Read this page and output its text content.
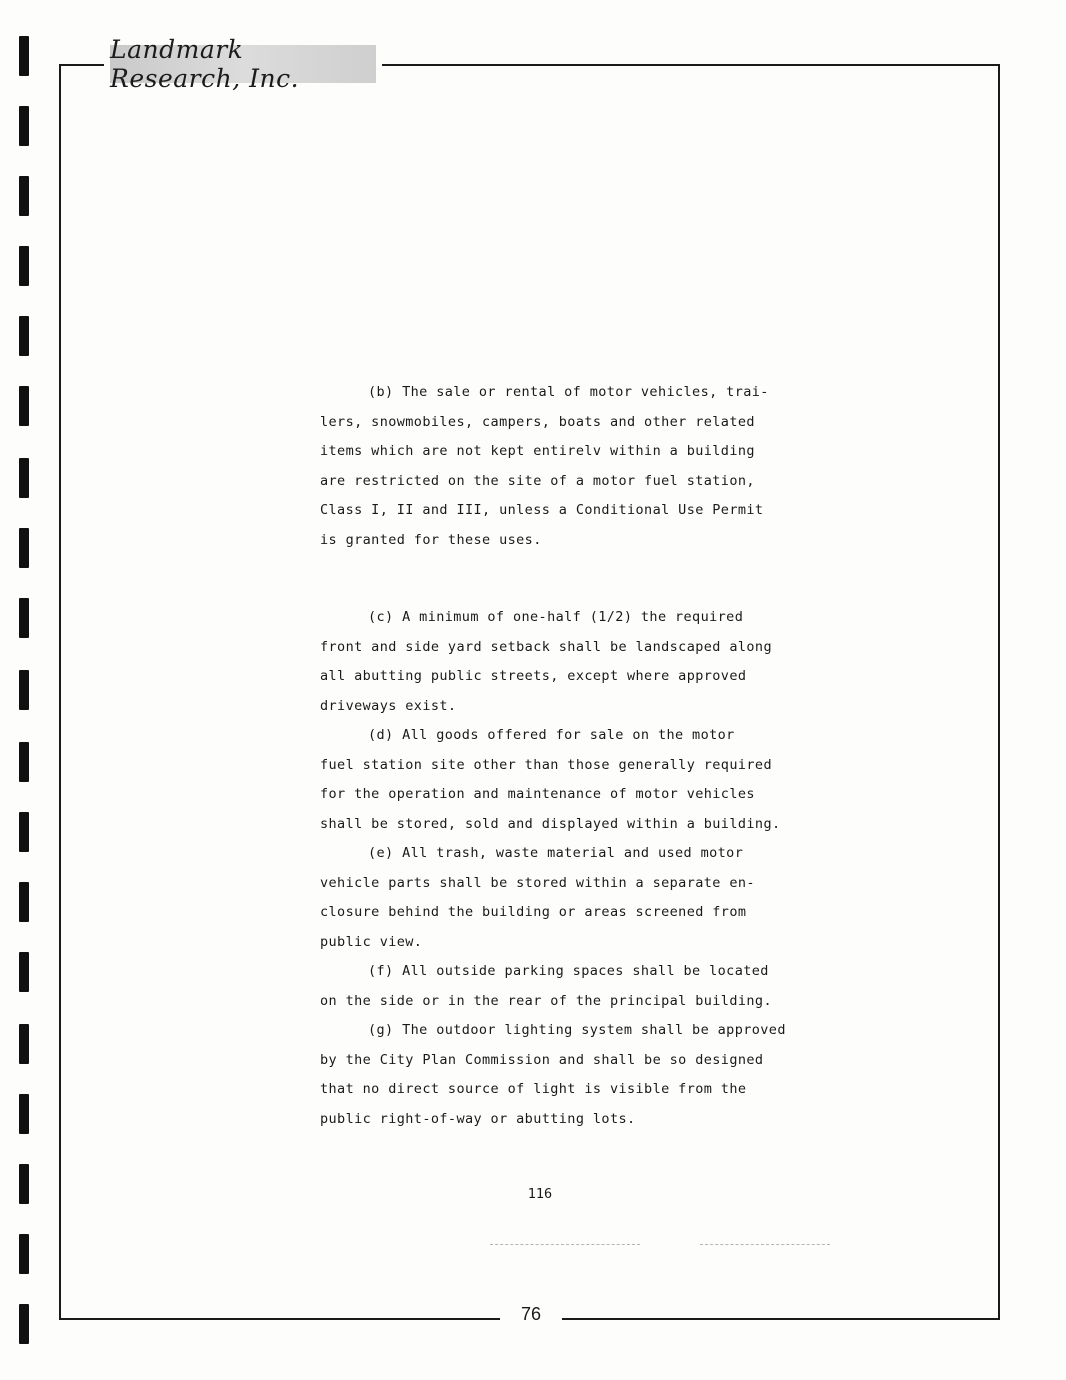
Landmark Research, Inc.

(b) The sale or rental of motor vehicles, trai-
lers, snowmobiles, campers, boats and other related
items which are not kept entirelv within a building
are restricted on the site of a motor fuel station,
Class I, II and III, unless a Conditional Use Permit
is granted for these uses.

(c) A minimum of one-half (1/2) the required
front and side yard setback shall be landscaped along
all abutting public streets, except where approved
driveways exist.

(d) All goods offered for sale on the motor
fuel station site other than those generally required
for the operation and maintenance of motor vehicles
shall be stored, sold and displayed within a building.

(e) All trash, waste material and used motor
vehicle parts shall be stored within a separate en-
closure behind the building or areas screened from
public view.

(f) All outside parking spaces shall be located
on the side or in the rear of the principal building.

(g) The outdoor lighting system shall be approved
by the City Plan Commission and shall be so designed
that no direct source of light is visible from the
public right-of-way or abutting lots.

116
76
